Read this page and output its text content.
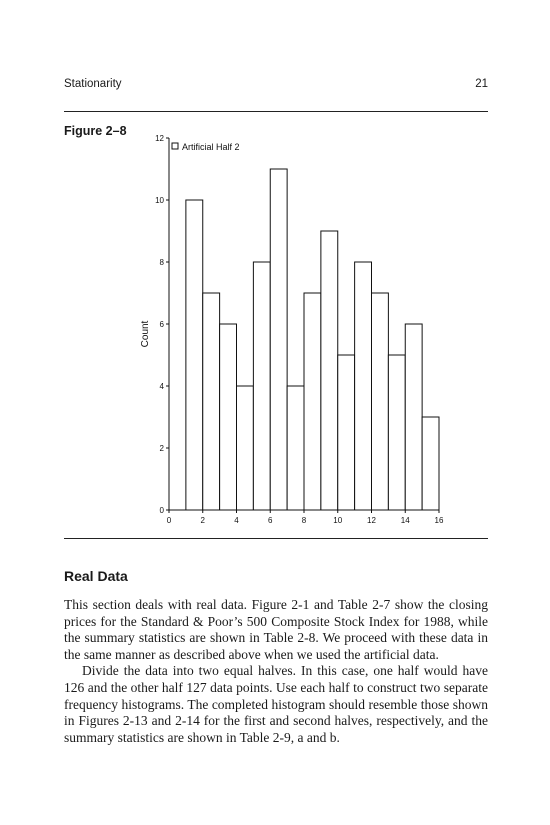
Stationarity	21
Figure 2–8
0
2
4
6
8
10
12
0	2	4	6	8	10	12	14	16
Artificial Half 2
Count
Real Data

This section deals with real data. Figure 2-1 and Table 2-7 show the closing prices for the Standard & Poor’s 500 Composite Stock Index for 1988, while the summary statistics are shown in Table 2-8. We proceed with these data in the same manner as described above when we used the artificial data.

Divide the data into two equal halves. In this case, one half would have 126 and the other half 127 data points. Use each half to construct two separate frequency histograms. The completed histogram should resemble those shown in Figures 2-13 and 2-14 for the first and second halves, respectively, and the summary statistics are shown in Table 2-9, a and b.
